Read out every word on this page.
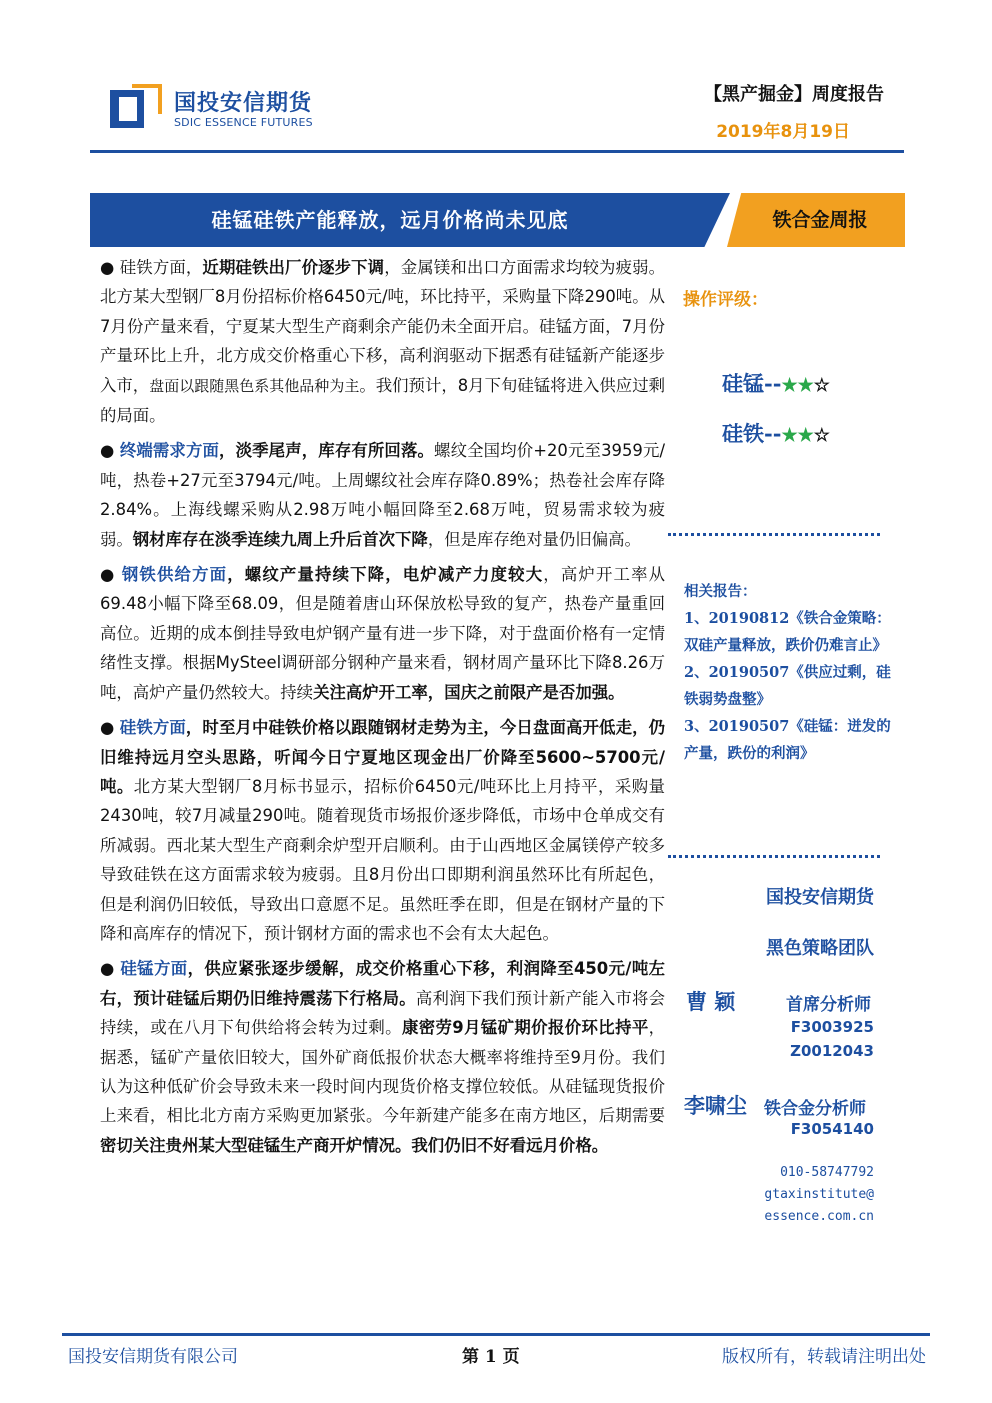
国投安信期货
SDIC ESSENCE FUTURES
【黑产掘金】周度报告
2019年8月19日
硅锰硅铁产能释放，远月价格尚未见底	铁合金周报

● 硅铁方面，近期硅铁出厂价逐步下调，金属镁和出口方面需求均较为疲弱。北方某大型钢厂8月份招标价格6450元/吨，环比持平，采购量下降290吨。从7月份产量来看，宁夏某大型生产商剩余产能仍未全面开启。硅锰方面，7月份产量环比上升，北方成交价格重心下移，高利润驱动下据悉有硅锰新产能逐步入市，盘面以跟随黑色系其他品种为主。我们预计，8月下旬硅锰将进入供应过剩的局面。

● 终端需求方面，淡季尾声，库存有所回落。螺纹全国均价+20元至3959元/吨，热卷+27元至3794元/吨。上周螺纹社会库存降0.89%；热卷社会库存降2.84%。上海线螺采购从2.98万吨小幅回降至2.68万吨，贸易需求较为疲弱。钢材库存在淡季连续九周上升后首次下降，但是库存绝对量仍旧偏高。

● 钢铁供给方面，螺纹产量持续下降，电炉减产力度较大，高炉开工率从69.48小幅下降至68.09，但是随着唐山环保放松导致的复产，热卷产量重回高位。近期的成本倒挂导致电炉钢产量有进一步下降，对于盘面价格有一定情绪性支撑。根据MySteel调研部分钢种产量来看，钢材周产量环比下降8.26万吨，高炉产量仍然较大。持续关注高炉开工率，国庆之前限产是否加强。

● 硅铁方面，时至月中硅铁价格以跟随钢材走势为主，今日盘面高开低走，仍旧维持远月空头思路，听闻今日宁夏地区现金出厂价降至5600~5700元/吨。北方某大型钢厂8月标书显示，招标价6450元/吨环比上月持平，采购量2430吨，较7月减量290吨。随着现货市场报价逐步降低，市场中仓单成交有所减弱。西北某大型生产商剩余炉型开启顺利。由于山西地区金属镁停产较多导致硅铁在这方面需求较为疲弱。且8月份出口即期利润虽然环比有所起色，但是利润仍旧较低，导致出口意愿不足。虽然旺季在即，但是在钢材产量的下降和高库存的情况下，预计钢材方面的需求也不会有太大起色。

● 硅锰方面，供应紧张逐步缓解，成交价格重心下移，利润降至450元/吨左右，预计硅锰后期仍旧维持震荡下行格局。高利润下我们预计新产能入市将会持续，或在八月下旬供给将会转为过剩。康密劳9月锰矿期价报价环比持平，据悉，锰矿产量依旧较大，国外矿商低报价状态大概率将维持至9月份。我们认为这种低矿价会导致未来一段时间内现货价格支撑位较低。从硅锰现货报价上来看，相比北方南方采购更加紧张。今年新建产能多在南方地区，后期需要密切关注贵州某大型硅锰生产商开炉情况。我们仍旧不好看远月价格。

操作评级：
硅锰--★★☆
硅铁--★★☆
相关报告：
1、20190812《铁合金策略：双硅产量释放，跌价仍难言止》
2、20190507《供应过剩，硅铁弱势盘整》
3、20190507《硅锰：迸发的产量，跌份的利润》
国投安信期货
黑色策略团队
曹 颖	首席分析师
F3003925
Z0012043
李啸尘 铁合金分析师
F3054140
010-58747792
gtaxinstitute@
essence.com.cn
国投安信期货有限公司	第 1 页	版权所有，转载请注明出处
